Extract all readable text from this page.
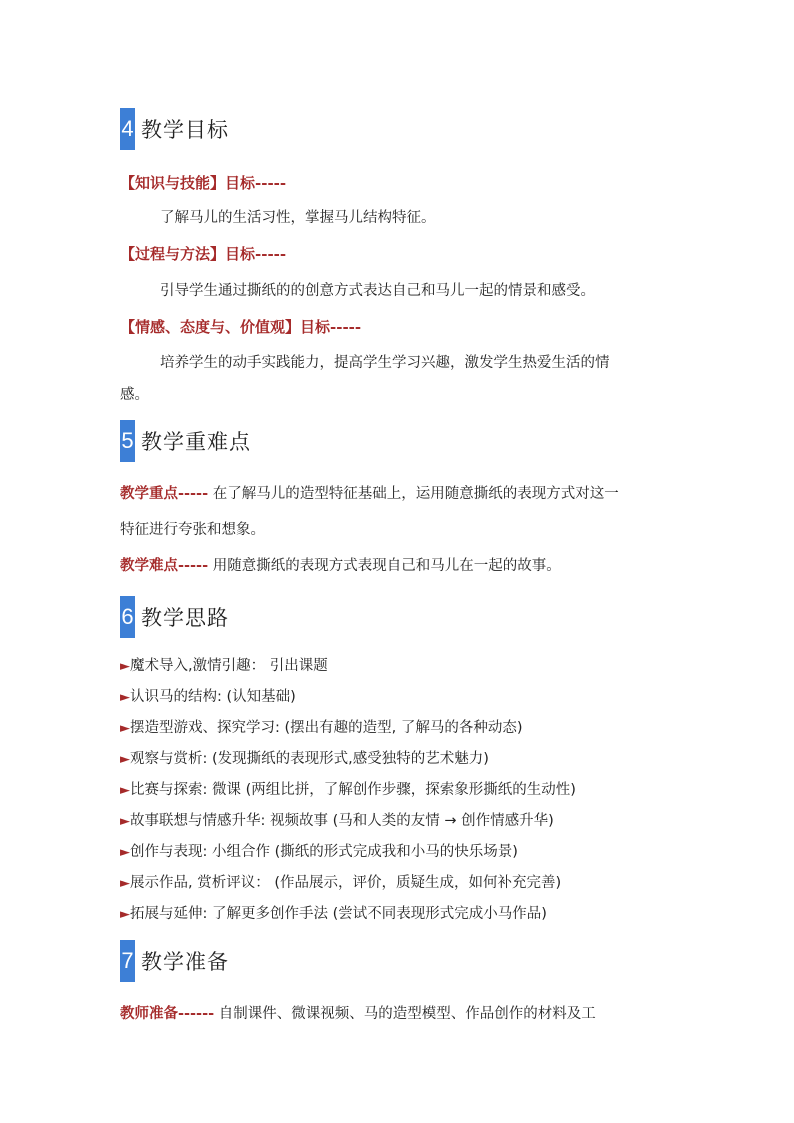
4 教学目标
【知识与技能】目标-----
了解马儿的生活习性，掌握马儿结构特征。
【过程与方法】目标-----
引导学生通过撕纸的的创意方式表达自己和马儿一起的情景和感受。
【情感、态度与、价值观】目标-----
培养学生的动手实践能力，提高学生学习兴趣，激发学生热爱生活的情
感。
5 教学重难点
教学重点----- 在了解马儿的造型特征基础上，运用随意撕纸的表现方式对这一
特征进行夸张和想象。
教学难点----- 用随意撕纸的表现方式表现自己和马儿在一起的故事。
6 教学思路
►魔术导入,激情引趣： 引出课题
►认识马的结构: (认知基础)
►摆造型游戏、探究学习: (摆出有趣的造型, 了解马的各种动态)
►观察与赏析: (发现撕纸的表现形式,感受独特的艺术魅力)
►比赛与探索: 微课 (两组比拼，了解创作步骤，探索象形撕纸的生动性)
►故事联想与情感升华: 视频故事 (马和人类的友情 → 创作情感升华)
►创作与表现: 小组合作 (撕纸的形式完成我和小马的快乐场景)
►展示作品, 赏析评议： (作品展示，评价，质疑生成，如何补充完善)
►拓展与延伸: 了解更多创作手法 (尝试不同表现形式完成小马作品)
7 教学准备
教师准备------ 自制课件、微课视频、马的造型模型、作品创作的材料及工
